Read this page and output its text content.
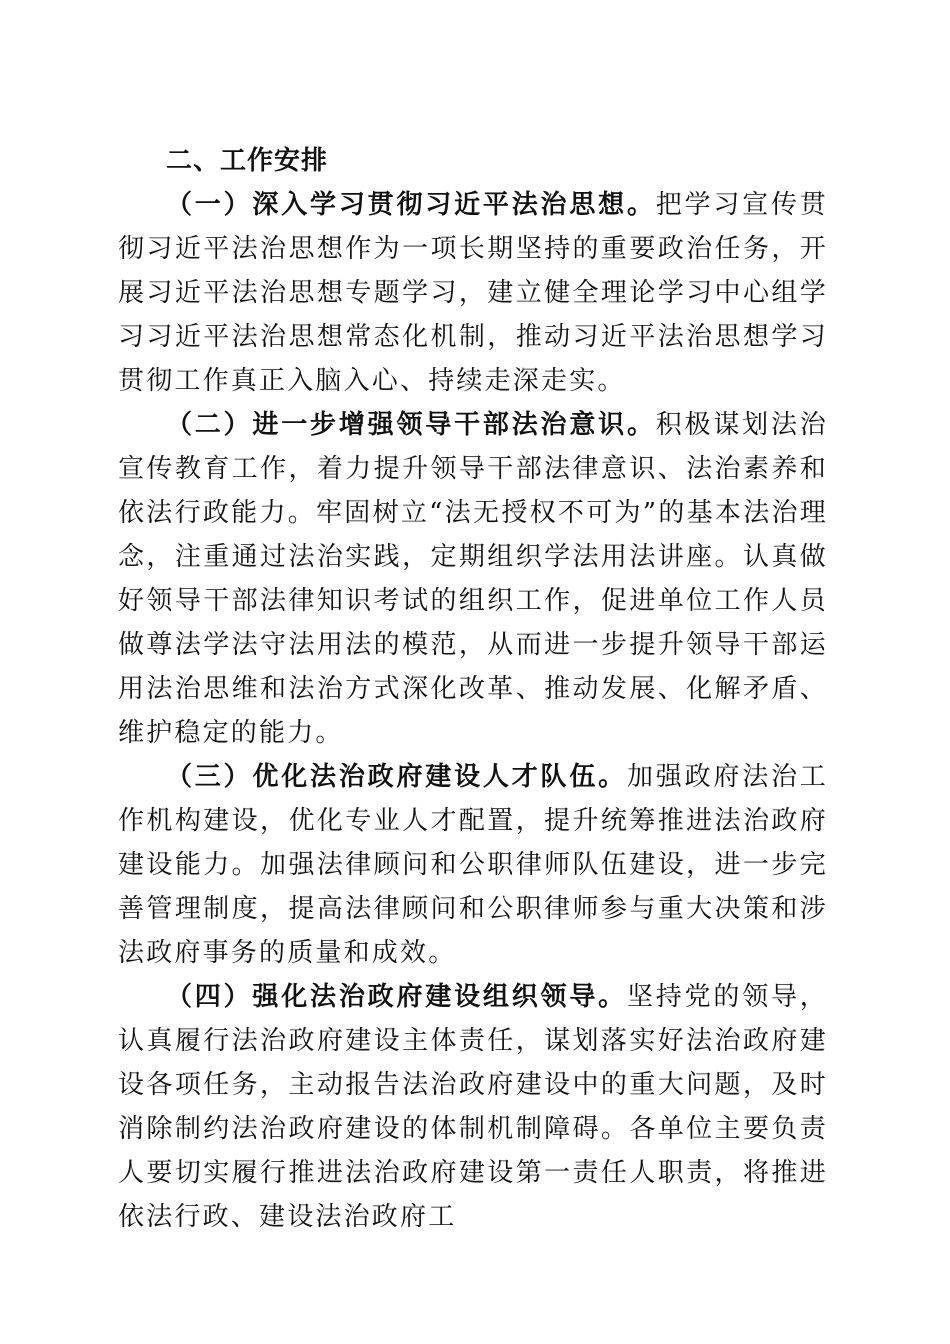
二、工作安排

（一）深入学习贯彻习近平法治思想。把学习宣传贯彻习近平法治思想作为一项长期坚持的重要政治任务，开展习近平法治思想专题学习，建立健全理论学习中心组学习习近平法治思想常态化机制，推动习近平法治思想学习贯彻工作真正入脑入心、持续走深走实。

（二）进一步增强领导干部法治意识。积极谋划法治宣传教育工作，着力提升领导干部法律意识、法治素养和依法行政能力。牢固树立“法无授权不可为”的基本法治理念，注重通过法治实践，定期组织学法用法讲座。认真做好领导干部法律知识考试的组织工作，促进单位工作人员做尊法学法守法用法的模范，从而进一步提升领导干部运用法治思维和法治方式深化改革、推动发展、化解矛盾、维护稳定的能力。

（三）优化法治政府建设人才队伍。加强政府法治工作机构建设，优化专业人才配置，提升统筹推进法治政府建设能力。加强法律顾问和公职律师队伍建设，进一步完善管理制度，提高法律顾问和公职律师参与重大决策和涉法政府事务的质量和成效。

（四）强化法治政府建设组织领导。坚持党的领导，认真履行法治政府建设主体责任，谋划落实好法治政府建设各项任务，主动报告法治政府建设中的重大问题，及时消除制约法治政府建设的体制机制障碍。各单位主要负责人要切实履行推进法治政府建设第一责任人职责，将推进依法行政、建设法治政府工
